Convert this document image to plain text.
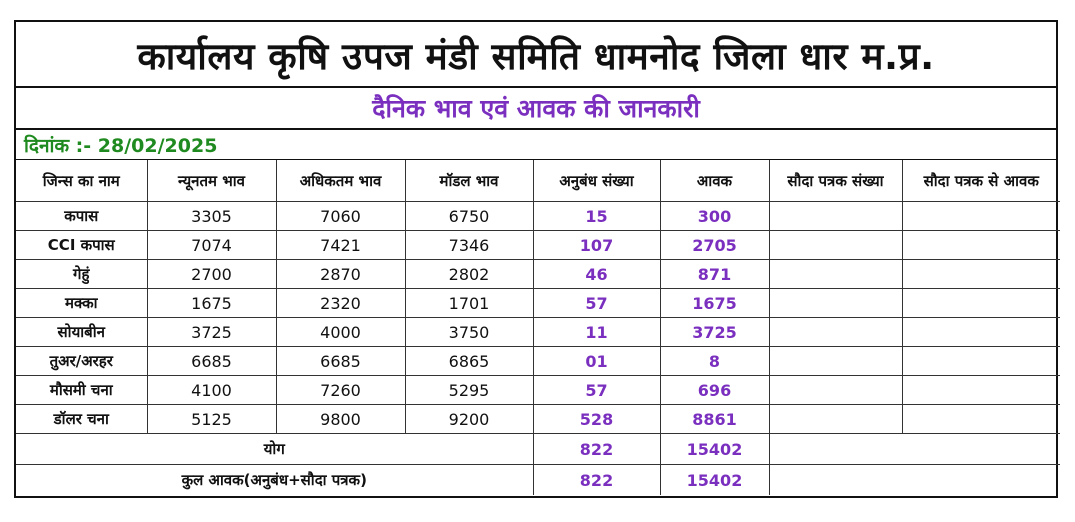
कार्यालय कृषि उपज मंडी समिति धामनोद जिला धार म.प्र.
दैनिक भाव एवं आवक की जानकारी
दिनांक :- 28/02/2025
जिन्स का नाम	न्यूनतम भाव	अधिकतम भाव	मॉडल भाव	अनुबंध संख्या	आवक	सौदा पत्रक संख्या	सौदा पत्रक से आवक
कपास	3305	7060	6750	15	300		
CCI कपास	7074	7421	7346	107	2705		
गेहुं	2700	2870	2802	46	871		
मक्का	1675	2320	1701	57	1675		
सोयाबीन	3725	4000	3750	11	3725		
तुअर/अरहर	6685	6685	6865	01	8		
मौसमी चना	4100	7260	5295	57	696		
डॉलर चना	5125	9800	9200	528	8861		
योग				822	15402		
कुल आवक(अनुबंध+सौदा पत्रक)				822	15402		
